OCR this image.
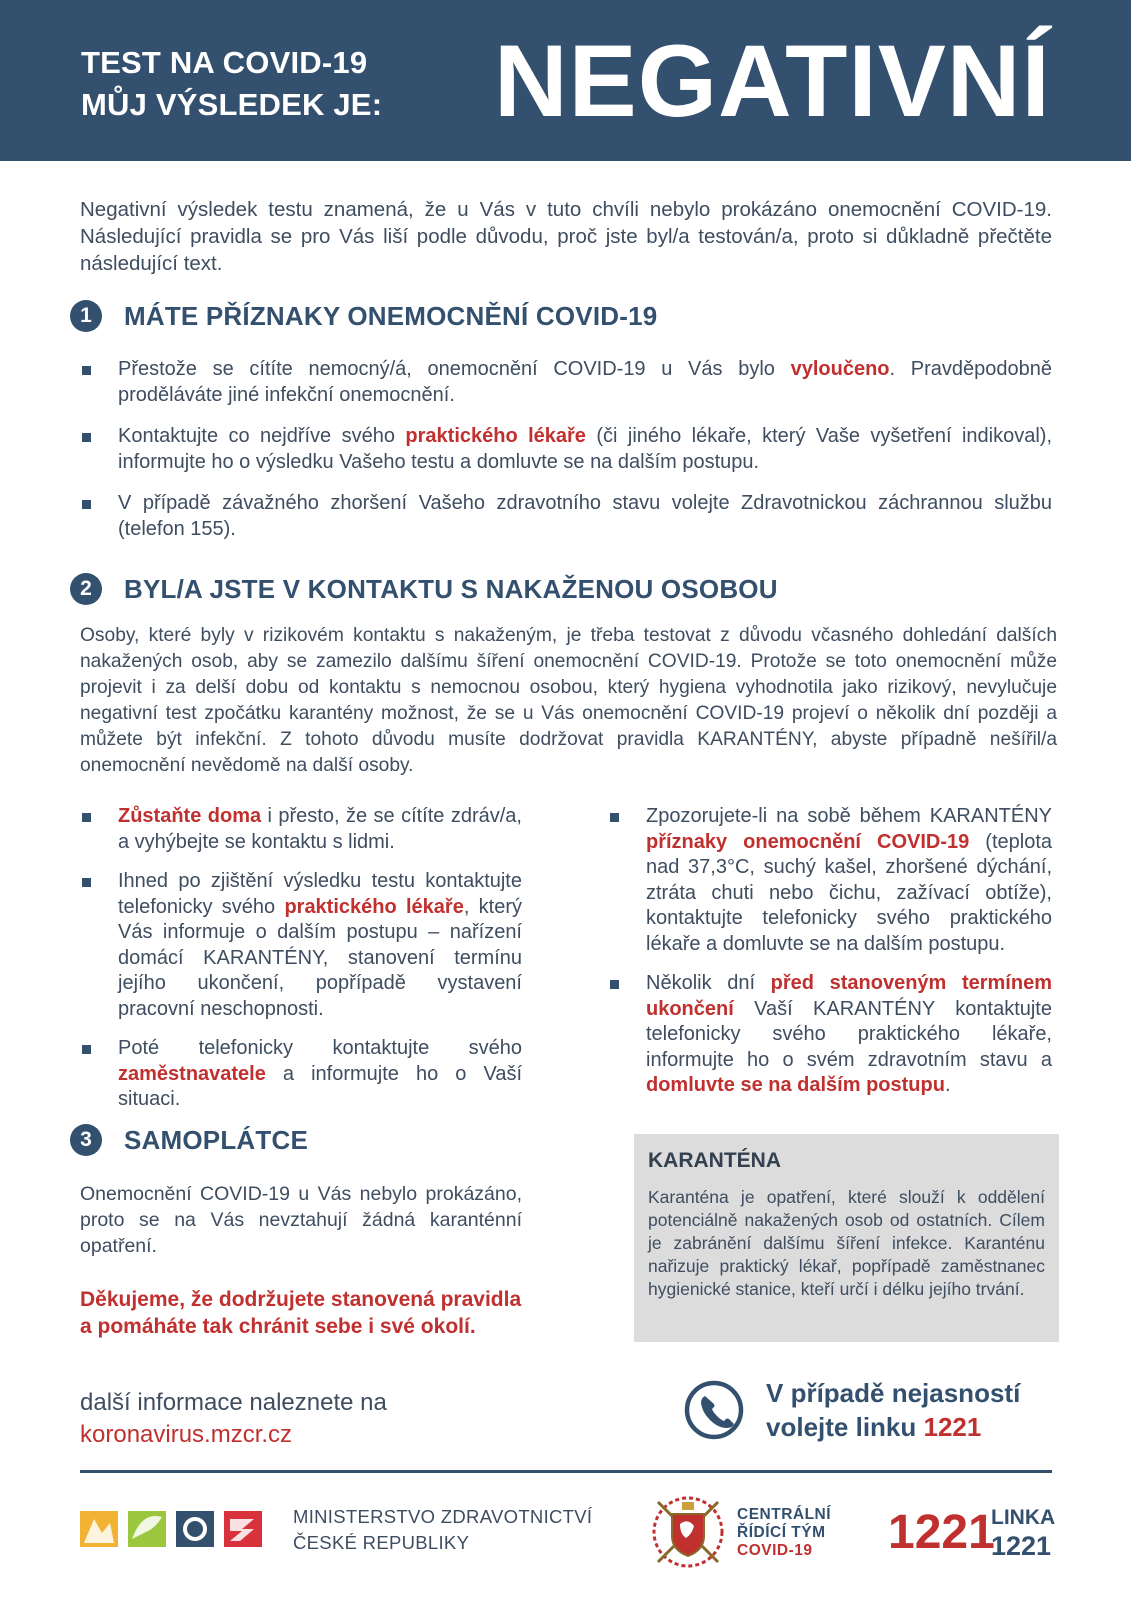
TEST NA COVID-19
MŮJ VÝSLEDEK JE: NEGATIVNÍ

Negativní výsledek testu znamená, že u Vás v tuto chvíli nebylo prokázáno onemocnění COVID-19. Následující pravidla se pro Vás liší podle důvodu, proč jste byl/a testován/a, proto si důkladně přečtěte následující text.

1	MÁTE PŘÍZNAKY ONEMOCNĚNÍ COVID-19
Přestože se cítíte nemocný/á, onemocnění COVID-19 u Vás bylo vyloučeno. Pravděpodobně proděláváte jiné infekční onemocnění.
Kontaktujte co nejdříve svého praktického lékaře (či jiného lékaře, který Vaše vyšetření indikoval), informujte ho o výsledku Vašeho testu a domluvte se na dalším postupu.
V případě závažného zhoršení Vašeho zdravotního stavu volejte Zdravotnickou záchrannou službu (telefon 155).
2	BYL/A JSTE V KONTAKTU S NAKAŽENOU OSOBOU

Osoby, které byly v rizikovém kontaktu s nakaženým, je třeba testovat z důvodu včasného dohledání dalších nakažených osob, aby se zamezilo dalšímu šíření onemocnění COVID-19. Protože se toto onemocnění může projevit i za delší dobu od kontaktu s nemocnou osobou, který hygiena vyhodnotila jako rizikový, nevylučuje negativní test zpočátku karantény možnost, že se u Vás onemocnění COVID-19 projeví o několik dní později a můžete být infekční. Z tohoto důvodu musíte dodržovat pravidla KARANTÉNY, abyste případně nešířil/a onemocnění nevědomě na další osoby.

Zůstaňte doma i přesto, že se cítíte zdráv/a, a vyhýbejte se kontaktu s lidmi.
Ihned po zjištění výsledku testu kontaktujte telefonicky svého praktického lékaře, který Vás informuje o dalším postupu – nařízení domácí KARANTÉNY, stanovení termínu jejího ukončení, popřípadě vystavení pracovní neschopnosti.
Poté telefonicky kontaktujte svého zaměstnavatele a informujte ho o Vaší situaci.
Zpozorujete-li na sobě během KARANTÉNY příznaky onemocnění COVID-19 (teplota nad 37,3°C, suchý kašel, zhoršené dýchání, ztráta chuti nebo čichu, zažívací obtíže), kontaktujte telefonicky svého praktického lékaře a domluvte se na dalším postupu.
Několik dní před stanoveným termínem ukončení Vaší KARANTÉNY kontaktujte telefonicky svého praktického lékaře, informujte ho o svém zdravotním stavu a domluvte se na dalším postupu.
3	SAMOPLÁTCE

Onemocnění COVID-19 u Vás nebylo prokázáno, proto se na Vás nevztahují žádná karanténní opatření.

Děkujeme, že dodržujete stanovená pravidla
a pomáháte tak chránit sebe i své okolí.
KARANTÉNA

Karanténa je opatření, které slouží k oddělení potenciálně nakažených osob od ostatních. Cílem je zabránění dalšímu šíření infekce. Karanténu nařizuje praktický lékař, popřípadě zaměstnanec hygienické stanice, kteří určí i délku jejího trvání.

další informace naleznete na
koronavirus.mzcr.cz
V případě nejasností
volejte linku 1221
MINISTERSTVO ZDRAVOTNICTVÍ
ČESKÉ REPUBLIKY
CENTRÁLNÍ
ŘÍDÍCÍ TÝM
COVID-19	1221
LINKA
1221
